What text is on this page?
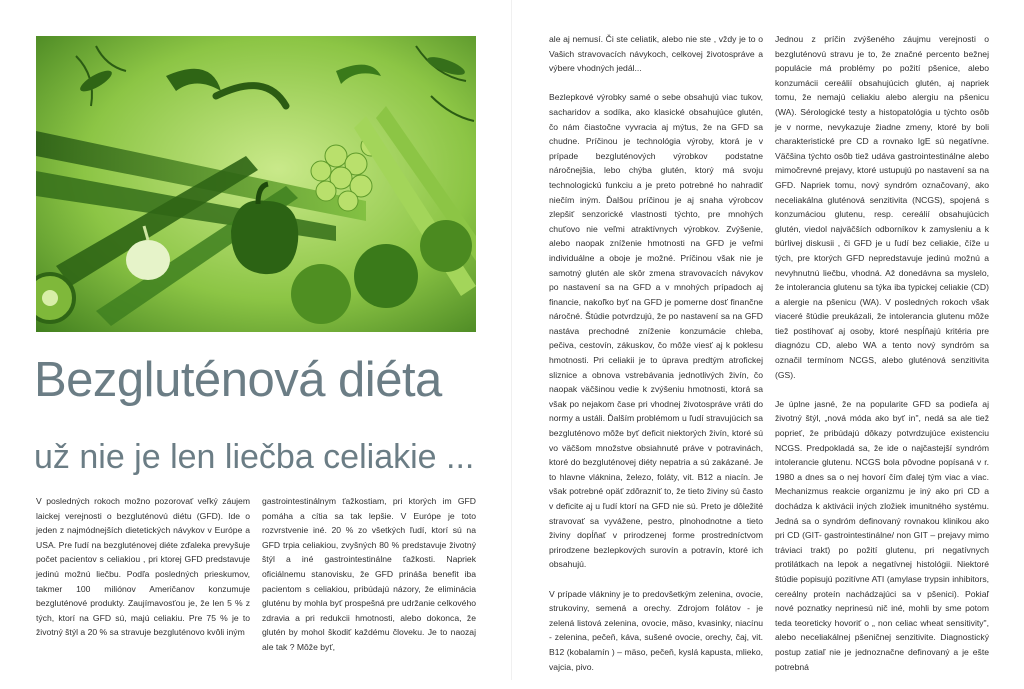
Bezgluténová diéta
už nie je len liečba celiakie ...

V posledných rokoch možno pozorovať veľký záujem laickej verejnosti o bezgluténovú diétu (GFD). Ide o jeden z najmódnejších dietetických návykov v Európe a USA. Pre ľudí na bezgluténovej diéte zďaleka prevyšuje počet pacientov s celiakiou , pri ktorej GFD predstavuje jedinú možnú liečbu. Podľa posledných prieskumov, takmer 100 miliónov Američanov konzumuje bezgluténové produkty. Zaujímavosťou je, že len 5 % z tých, ktorí na GFD sú, majú celiakiu. Pre 75 % je to životný štýl a 20 % sa stravuje bezgluténovo kvôli iným

gastrointestinálnym ťažkostiam, pri ktorých im GFD pomáha a cítia sa tak lepšie. V Európe je toto rozvrstvenie iné. 20 % zo všetkých ľudí, ktorí sú na GFD trpia celiakiou, zvyšných 80 % predstavuje životný štýl a iné gastrointestinálne ťažkosti. Napriek oficiálnemu stanovisku, že GFD prináša benefit iba pacientom s celiakiou, pribúdajú názory, že eliminácia gluténu by mohla byť prospešná pre udržanie celkového zdravia a pri redukcii hmotnosti, alebo dokonca, že glutén by mohol škodiť každému človeku. Je to naozaj ale tak ? Môže byť,

ale aj nemusí. Či ste celiatik, alebo nie ste , vždy je to o Vašich stravovacích návykoch, celkovej životospráve a výbere vhodných jedál...

Bezlepkové výrobky samé o sebe obsahujú viac tukov, sacharidov a sodíka, ako klasické obsahujúce glutén, čo nám čiastočne vyvracia aj mýtus, že na GFD sa chudne. Príčinou je technológia výroby, ktorá je v prípade bezgluténových výrobkov podstatne náročnejšia, lebo chýba glutén, ktorý má svoju technologickú funkciu a je preto potrebné ho nahradiť niečím iným. Ďalšou príčinou je aj snaha výrobcov zlepšiť senzorické vlastnosti týchto, pre mnohých chuťovo nie veľmi atraktívnych výrobkov. Zvýšenie, alebo naopak zníženie hmotnosti na GFD je veľmi individuálne a oboje je možné. Príčinou však nie je samotný glutén ale skôr zmena stravovacích návykov po nastavení sa na GFD a v mnohých prípadoch aj financie, nakoľko byť na GFD je pomerne dosť finančne náročné. Štúdie potvrdzujú, že po nastavení sa na GFD nastáva prechodné zníženie konzumácie chleba, pečiva, cestovín, zákuskov, čo môže viesť aj k poklesu hmotnosti. Pri celiakii je to úprava predtým atrofickej sliznice a obnova vstrebávania jednotlivých živín, čo naopak väčšinou vedie k zvýšeniu hmotnosti, ktorá sa však po nejakom čase pri vhodnej životospráve vráti do normy a ustáli. Ďalším problémom u ľudí stravujúcich sa bezgluténovo môže byť deficit niektorých živín, ktoré sú vo väčšom množstve obsiahnuté práve v potravinách, ktoré do bezgluténovej diéty nepatria a sú zakázané. Je to hlavne vláknina, železo, foláty, vit. B12 a niacín. Je však potrebné opäť zdôrazniť to, že tieto živiny sú často v deficite aj u ľudí ktorí na GFD nie sú. Preto je dôležité stravovať sa vyvážene, pestro, plnohodnotne a tieto živiny dopĺňať v prirodzenej forme prostredníctvom prirodzene bezlepkových surovín a potravín, ktoré ich obsahujú.

V prípade vlákniny je to predovšetkým zelenina, ovocie, strukoviny, semená a orechy. Zdrojom folátov - je zelená listová zelenina, ovocie, mäso, kvasinky, niacínu - zelenina, pečeň, káva, sušené ovocie, orechy, čaj, vit. B12 (kobalamín ) – mäso, pečeň, kyslá kapusta, mlieko, vajcia, pivo.

Jednou z príčin zvýšeného záujmu verejnosti o bezgluténovú stravu je to, že značné percento bežnej populácie má problémy po požití pšenice, alebo konzumácii cereálií obsahujúcich glutén, aj napriek tomu, že nemajú celiakiu alebo alergiu na pšenicu (WA). Sérologické testy a histopatológia u týchto osôb je v norme, nevykazuje žiadne zmeny, ktoré by boli charakteristické pre CD a rovnako IgE sú negatívne. Väčšina týchto osôb tiež udáva gastrointestinálne alebo mimočrevné prejavy, ktoré ustupujú po nastavení sa na GFD. Napriek tomu, nový syndróm označovaný, ako neceliakálna gluténová senzitivita (NCGS), spojená s konzumáciou glutenu, resp. cereálií obsahujúcich glutén, viedol najväčších odborníkov k zamysleniu a k búrlivej diskusii , či GFD je u ľudí bez celiakie, číže u tých, pre ktorých GFD nepredstavuje jedinú možnú a nevyhnutnú liečbu, vhodná. Až donedávna sa myslelo, že intolerancia glutenu sa týka iba typickej celiakie (CD) a alergie na pšenicu (WA). V posledných rokoch však viaceré štúdie preukázali, že intolerancia glutenu môže tiež postihovať aj osoby, ktoré nespĺňajú kritéria pre diagnózu CD, alebo WA a tento nový syndróm sa označil termínom NCGS, alebo gluténová senzitivita (GS).

Je úplne jasné, že na popularite GFD sa podieľa aj životný štýl, „nová móda ako byť in", nedá sa ale tiež poprieť, že pribúdajú dôkazy potvrdzujúce existenciu NCGS. Predpokladá sa, že ide o najčastejší syndróm intolerancie glutenu. NCGS bola pôvodne popísaná v r. 1980 a dnes sa o nej hovorí čím ďalej tým viac a viac. Mechanizmus reakcie organizmu je iný ako pri CD a dochádza k aktivácii iných zložiek imunitného systému. Jedná sa o syndróm definovaný rovnakou klinikou ako pri CD (GIT- gastrointestinálne/ non GIT – prejavy mimo tráviaci trakt) po požití glutenu, pri negatívnych protilátkach na lepok a negatívnej histológii. Niektoré štúdie popisujú pozitívne ATI (amylase trypsin inhibitors, cereálny proteín nachádzajúci sa v pšenici). Pokiaľ nové poznatky neprinesú nič iné, mohli by sme potom teda teoreticky hovoriť o „ non celiac wheat sensitivity", alebo neceliakálnej pšeničnej senzitivite. Diagnostický postup zatiaľ nie je jednoznačne definovaný a je ešte potrebná
